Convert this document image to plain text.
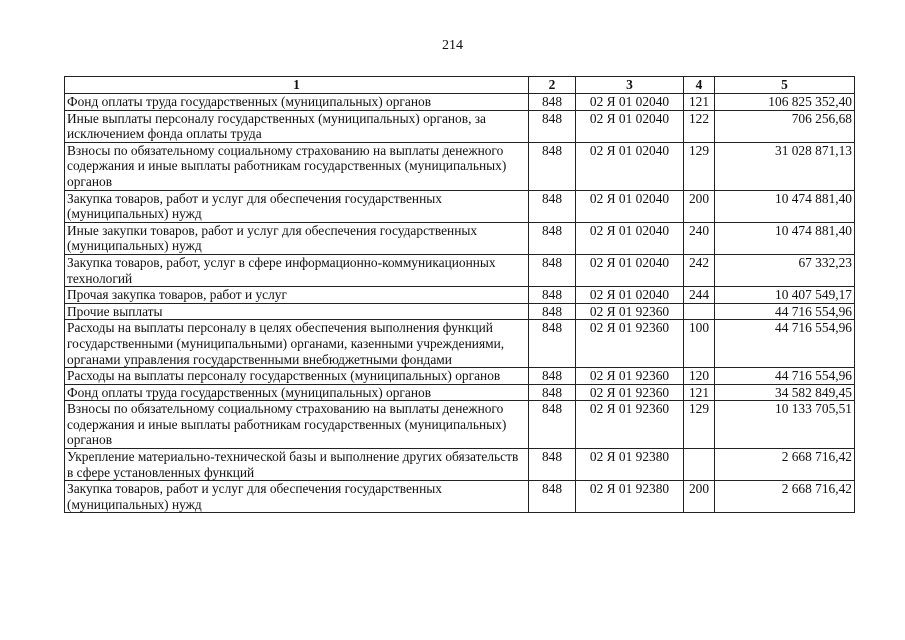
214
1	2	3	4	5
Фонд оплаты труда государственных (муниципальных) органов	848	02 Я 01 02040	121	106 825 352,40
Иные выплаты персоналу государственных (муниципальных) органов, за исключением фонда оплаты труда	848	02 Я 01 02040	122	706 256,68
Взносы по обязательному социальному страхованию на выплаты денежного содержания и иные выплаты работникам государственных (муниципальных) органов	848	02 Я 01 02040	129	31 028 871,13
Закупка товаров, работ и услуг для обеспечения государственных (муниципальных) нужд	848	02 Я 01 02040	200	10 474 881,40
Иные закупки товаров, работ и услуг для обеспечения государственных (муниципальных) нужд	848	02 Я 01 02040	240	10 474 881,40
Закупка товаров, работ, услуг в сфере информационно-коммуникационных технологий	848	02 Я 01 02040	242	67 332,23
Прочая закупка товаров, работ и услуг	848	02 Я 01 02040	244	10 407 549,17
Прочие выплаты	848	02 Я 01 92360		44 716 554,96
Расходы на выплаты персоналу в целях обеспечения выполнения функций государственными (муниципальными) органами, казенными учреждениями, органами управления государственными внебюджетными фондами	848	02 Я 01 92360	100	44 716 554,96
Расходы на выплаты персоналу государственных (муниципальных) органов	848	02 Я 01 92360	120	44 716 554,96
Фонд оплаты труда государственных (муниципальных) органов	848	02 Я 01 92360	121	34 582 849,45
Взносы по обязательному социальному страхованию на выплаты денежного содержания и иные выплаты работникам государственных (муниципальных) органов	848	02 Я 01 92360	129	10 133 705,51
Укрепление материально-технической базы и выполнение других обязательств в сфере установленных функций	848	02 Я 01 92380		2 668 716,42
Закупка товаров, работ и услуг для обеспечения государственных (муниципальных) нужд	848	02 Я 01 92380	200	2 668 716,42
